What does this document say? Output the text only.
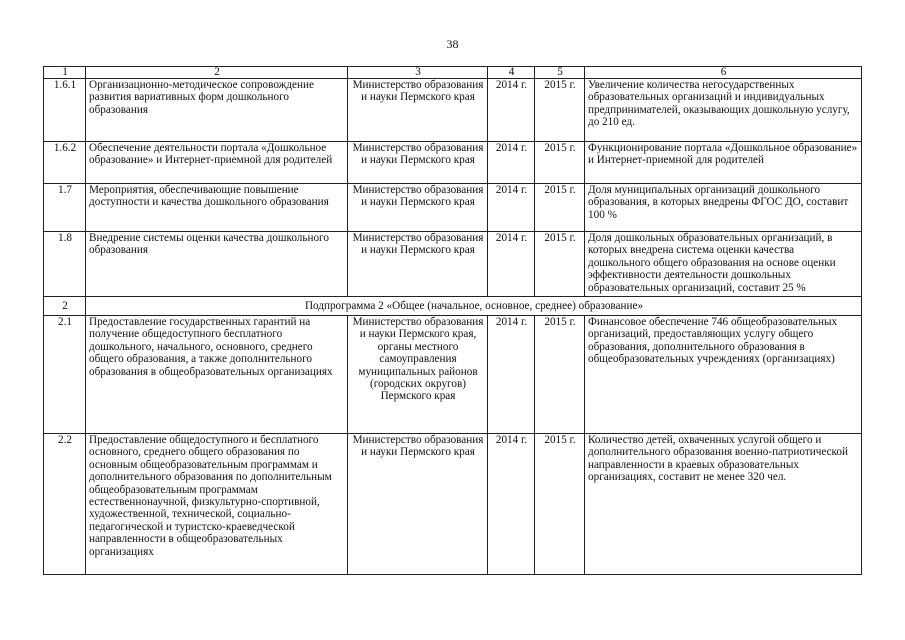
38
1	2	3	4	5	6
1.6.1	Организационно-методическое сопровождение развития вариативных форм дошкольного образования	Министерство образования и науки Пермского края	2014 г.	2015 г.	Увеличение количества негосударственных образовательных организаций и индивидуальных предпринимателей, оказывающих дошкольную услугу, до 210 ед.
1.6.2	Обеспечение деятельности портала «Дошкольное образование» и Интернет-приемной для родителей	Министерство образования и науки Пермского края	2014 г.	2015 г.	Функционирование портала «Дошкольное образование» и Интернет-приемной для родителей
1.7	Мероприятия, обеспечивающие повышение доступности и качества дошкольного образования	Министерство образования и науки Пермского края	2014 г.	2015 г.	Доля муниципальных организаций дошкольного образования, в которых внедрены ФГОС ДО, составит 100 %
1.8	Внедрение системы оценки качества дошкольного образования	Министерство образования и науки Пермского края	2014 г.	2015 г.	Доля дошкольных образовательных организаций, в которых внедрена система оценки качества дошкольного общего образования на основе оценки эффективности деятельности дошкольных образовательных организаций, составит 25 %
2	Подпрограмма 2 «Общее (начальное, основное, среднее) образование»				
2.1	Предоставление государственных гарантий на получение общедоступного бесплатного дошкольного, начального, основного, среднего общего образования, а также дополнительного образования в общеобразовательных организациях	Министерство образования и науки Пермского края, органы местного самоуправления муниципальных районов (городских округов) Пермского края	2014 г.	2015 г.	Финансовое обеспечение 746 общеобразовательных организаций, предоставляющих услугу общего образования, дополнительного образования в общеобразовательных учреждениях (организациях)
2.2	Предоставление общедоступного и бесплатного основного, среднего общего образования по основным общеобразовательным программам и дополнительного образования по дополнительным общеобразовательным программам естественнонаучной, физкультурно-спортивной, художественной, технической, социально-педагогической и туристско-краеведческой направленности в общеобразовательных организациях	Министерство образования и науки Пермского края	2014 г.	2015 г.	Количество детей, охваченных услугой общего и дополнительного образования военно-патриотической направленности в краевых образовательных организациях, составит не менее 320 чел.
